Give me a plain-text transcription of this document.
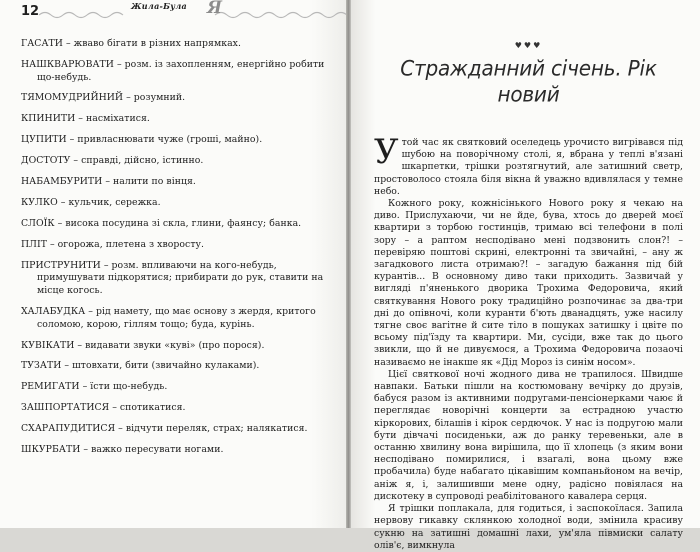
12	Жила-Була Я

ГАСАТИ – жваво бігати в різних напрямках.

НАШКВАРЮВАТИ – розм. із захопленням, енергійно робити що-небудь.

ТЯМОМУДРИЙНИЙ – розумний.

КПИНИТИ – насміхатися.

ЦУПИТИ – привласнювати чуже (гроші, майно).

ДОСТОТУ – справді, дійсно, істинно.

НАБАМБУРИТИ – налити по вінця.

КУЛКО – кульчик, сережка.

СЛОЇК – висока посудина зі скла, глини, фаянсу; банка.

ПЛІТ – огорожа, плетена з хворосту.

ПРИСТРУНИТИ – розм. впливаючи на кого-небудь, примушувати підкорятися; прибирати до рук, ставити на місце когось.

ХАЛАБУДКА – рід намету, що має основу з жердя, критого соломою, корою, гіллям тощо; буда, курінь.

КУВІКАТИ – видавати звуки «куві» (про порося).

ТУЗАТИ – штовхати, бити (звичайно кулаками).

РЕМИГАТИ – їсти що-небудь.

ЗАШПОРТАТИСЯ – спотикатися.

СХАРАПУДИТИСЯ – відчути переляк, страх; налякатися.

ШКУРБАТИ – важко пересувати ногами.

♥♥♥
Стражданний січень. Рік новий

Утой час як святковий оселедець урочисто вигрівався під шубою на поворічному столі, я, вбрана у теплі в'язані шкарпетки, трішки розтягнутий, але затишний светр, простоволосо стояла біля вікна й уважно вдивлялася у темне небо.

Кожного року, кожнісінького Нового року я чекаю на диво. Прислухаючи, чи не йде, бува, хтось до дверей моєї квартири з торбою гостинців, тримаю всі телефони в полі зору – а раптом несподівано мені подзвонить слон?! – перевіряю поштові скрині, електронні та звичайні, – ану ж загадкового листа отримаю?! – загадую бажання під бій курантів... В основному диво таки приходить. Зазвичай у вигляді п'яненького дворика Трохима Федоровича, який святкування Нового року традиційно розпочинає за два-три дні до опівночі, коли куранти б'ють дванадцять, уже насилу тягне своє вагітне й сите тіло в пошуках затишку і цвіте по всьому під'їзду та квартири. Ми, сусіди, вже так до цього звикли, що й не дивуємося, а Трохима Федоровича позаочі називаємо не інакше як «Дід Мороз із синім носом».

Цієї святкової ночі жодного дива не трапилося. Швидше навпаки. Батьки пішли на костюмовану вечірку до друзів, бабуся разом із активними подругами-пенсіонерками чаює й переглядає новорічні концерти за естрадною участю кіркорових, білашів і кірок сердючок. У нас із подругою мали бути дівчачі посиденьки, аж до ранку теревеньки, але в останню хвилину вона вирішила, що її хлопець (з яким вони несподівано помирилися, і взагалі, вона цьому вже пробачила) буде набагато цікавішим компаньйоном на вечір, аніж я, і, залишивши мене одну, радісно повіялася на дискотеку в супроводі реабілітованого кавалера серця.

Я трішки поплакала, для годиться, і заспокоїлася. Запила нервову гикавку склянкою холодної води, змінила красиву сукню на затишні домашні лахи, ум'яла півмиски салату олів'є, вимкнула
